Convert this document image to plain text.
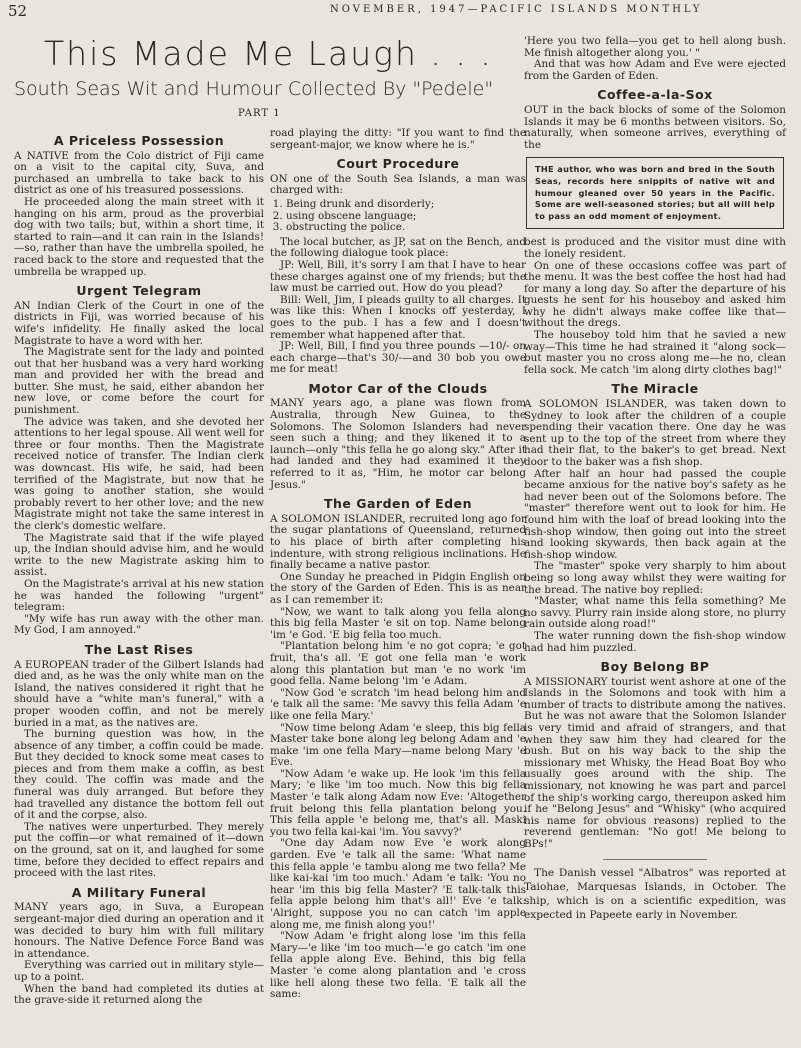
52	NOVEMBER, 1947—PACIFIC ISLANDS MONTHLY
This Made Me Laugh . . .
South Seas Wit and Humour Collected By "Pedele"
PART 1
A Priceless Possession

A NATIVE from the Colo district of Fiji came on a visit to the capital city, Suva, and purchased an umbrella to take back to his district as one of his treasured possessions.

He proceeded along the main street with it hanging on his arm, proud as the proverbial dog with two tails; but, within a short time, it started to rain—and it can rain in the Islands!—so, rather than have the umbrella spoiled, he raced back to the store and requested that the umbrella be wrapped up.

Urgent Telegram

AN Indian Clerk of the Court in one of the districts in Fiji, was worried because of his wife's infidelity. He finally asked the local Magistrate to have a word with her.

The Magistrate sent for the lady and pointed out that her husband was a very hard working man and provided her with the bread and butter. She must, he said, either abandon her new love, or come before the court for punishment.

The advice was taken, and she devoted her attentions to her legal spouse. All went well for three or four months. Then the Magistrate received notice of transfer. The Indian clerk was downcast. His wife, he said, had been terrified of the Magistrate, but now that he was going to another station, she would probably revert to her other love; and the new Magistrate might not take the same interest in the clerk's domestic welfare.

The Magistrate said that if the wife played up, the Indian should advise him, and he would write to the new Magistrate asking him to assist.

On the Magistrate's arrival at his new station he was handed the following "urgent" telegram:

"My wife has run away with the other man. My God, I am annoyed."

The Last Rises

A EUROPEAN trader of the Gilbert Islands had died and, as he was the only white man on the Island, the natives considered it right that he should have a "white man's funeral," with a proper wooden coffin, and not be merely buried in a mat, as the natives are.

The burning question was how, in the absence of any timber, a coffin could be made. But they decided to knock some meat cases to pieces and from them make a coffin, as best they could. The coffin was made and the funeral was duly arranged. But before they had travelled any distance the bottom fell out of it and the corpse, also.

The natives were unperturbed. They merely put the coffin—or what remained of it—down on the ground, sat on it, and laughed for some time, before they decided to effect repairs and proceed with the last rites.

A Military Funeral

MANY years ago, in Suva, a European sergeant-major died during an operation and it was decided to bury him with full military honours. The Native Defence Force Band was in attendance.

Everything was carried out in military style—up to a point.

When the band had completed its duties at the grave-side it returned along the

road playing the ditty: "If you want to find the sergeant-major, we know where he is."

Court Procedure

ON one of the South Sea Islands, a man was charged with:

1. Being drunk and disorderly;
2. using obscene language;
3. obstructing the police.

The local butcher, as JP, sat on the Bench, and the following dialogue took place:

JP: Well, Bill, it's sorry I am that I have to hear these charges against one of my friends; but the law must be carried out. How do you plead?

Bill: Well, Jim, I pleads guilty to all charges. It was like this: When I knocks off yesterday, I goes to the pub. I has a few and I doesn't remember what happened after that.

JP: Well, Bill, I find you three pounds —10/- on each charge—that's 30/-—and 30 bob you owe me for meat!

Motor Car of the Clouds

MANY years ago, a plane was flown from Australia, through New Guinea, to the Solomons. The Solomon Islanders had never seen such a thing; and they likened it to a launch—only "this fella he go along sky." After it had landed and they had examined it they referred to it as, "Him, he motor car belong Jesus."

The Garden of Eden

A SOLOMON ISLANDER, recruited long ago for the sugar plantations of Queensland, returned to his place of birth after completing his indenture, with strong religious inclinations. He finally became a native pastor.

One Sunday he preached in Pidgin English on the story of the Garden of Eden. This is as near as I can remember it:

"Now, we want to talk along you fella along this big fella Master 'e sit on top. Name belong 'im 'e God. 'E big fella too much.

"Plantation belong him 'e no got copra; 'e got fruit, tha's all. 'E got one fella man 'e work along this plantation but man 'e no work 'im good fella. Name belong 'im 'e Adam.

"Now God 'e scratch 'im head belong him and 'e talk all the same: 'Me savvy this fella Adam 'e like one fella Mary.'

"Now time belong Adam 'e sleep, this big fella Master take bone along leg belong Adam and 'e make 'im one fella Mary—name belong Mary 'e Eve.

"Now Adam 'e wake up. He look 'im this fella Mary; 'e like 'im too much. Now this big fella Master 'e talk along Adam now Eve: 'Altogether fruit belong this fella plantation belong you. This fella apple 'e belong me, that's all. Maski you two fella kai-kai 'im. You savvy?'

"One day Adam now Eve 'e work along garden. Eve 'e talk all the same: 'What name this fella apple 'e tambu along me two fella? Me like kai-kai 'im too much.' Adam 'e talk: 'You no hear 'im this big fella Master? 'E talk-talk this fella apple belong him that's all!' Eve 'e talk: 'Alright, suppose you no can catch 'im apple along me, me finish along you!'

"Now Adam 'e fright along lose 'im this fella Mary—'e like 'im too much—'e go catch 'im one fella apple along Eve. Behind, this big fella Master 'e come along plantation and 'e cross like hell along these two fella. 'E talk all the same:

'Here you two fella—you get to hell along bush. Me finish altogether along you.' "

And that was how Adam and Eve were ejected from the Garden of Eden.

Coffee-a-la-Sox

OUT in the back blocks of some of the Solomon Islands it may be 6 months between visitors. So, naturally, when someone arrives, everything of the

THE author, who was born and bred in the South Seas, records here snippits of native wit and humour gleaned over 50 years in the Pacific. Some are well-seasoned stories; but all will help to pass an odd moment of enjoyment.

best is produced and the visitor must dine with the lonely resident.

On one of these occasions coffee was part of the menu. It was the best coffee the host had had for many a long day. So after the departure of his guests he sent for his houseboy and asked him why he didn't always make coffee like that—without the dregs.

The houseboy told him that he savied a new way—This time he had strained it "along sock—but master you no cross along me—he no, clean fella sock. Me catch 'im along dirty clothes bag!"

The Miracle

A SOLOMON ISLANDER, was taken down to Sydney to look after the children of a couple spending their vacation there. One day he was sent up to the top of the street from where they had their flat, to the baker's to get bread. Next door to the baker was a fish shop.

After half an hour had passed the couple became anxious for the native boy's safety as he had never been out of the Solomons before. The "master" therefore went out to look for him. He found him with the loaf of bread looking into the fish-shop window, then going out into the street and looking skywards, then back again at the fish-shop window.

The "master" spoke very sharply to him about being so long away whilst they were waiting for the bread. The native boy replied:

"Master, what name this fella something? Me no savvy. Plurry rain inside along store, no plurry rain outside along road!"

The water running down the fish-shop window had had him puzzled.

Boy Belong BP

A MISSIONARY tourist went ashore at one of the Islands in the Solomons and took with him a number of tracts to distribute among the natives. But he was not aware that the Solomon Islander is very timid and afraid of strangers, and that when they saw him they had cleared for the bush. But on his way back to the ship the missionary met Whisky, the Head Boat Boy who usually goes around with the ship. The missionary, not knowing he was part and parcel of the ship's working cargo, thereupon asked him if he "Belong Jesus" and "Whisky" (who acquired his name for obvious reasons) replied to the reverend gentleman: "No got! Me belong to BPs!"

The Danish vessel "Albatros" was reported at Taiohae, Marquesas Islands, in October. The ship, which is on a scientific expedition, was expected in Papeete early in November.
